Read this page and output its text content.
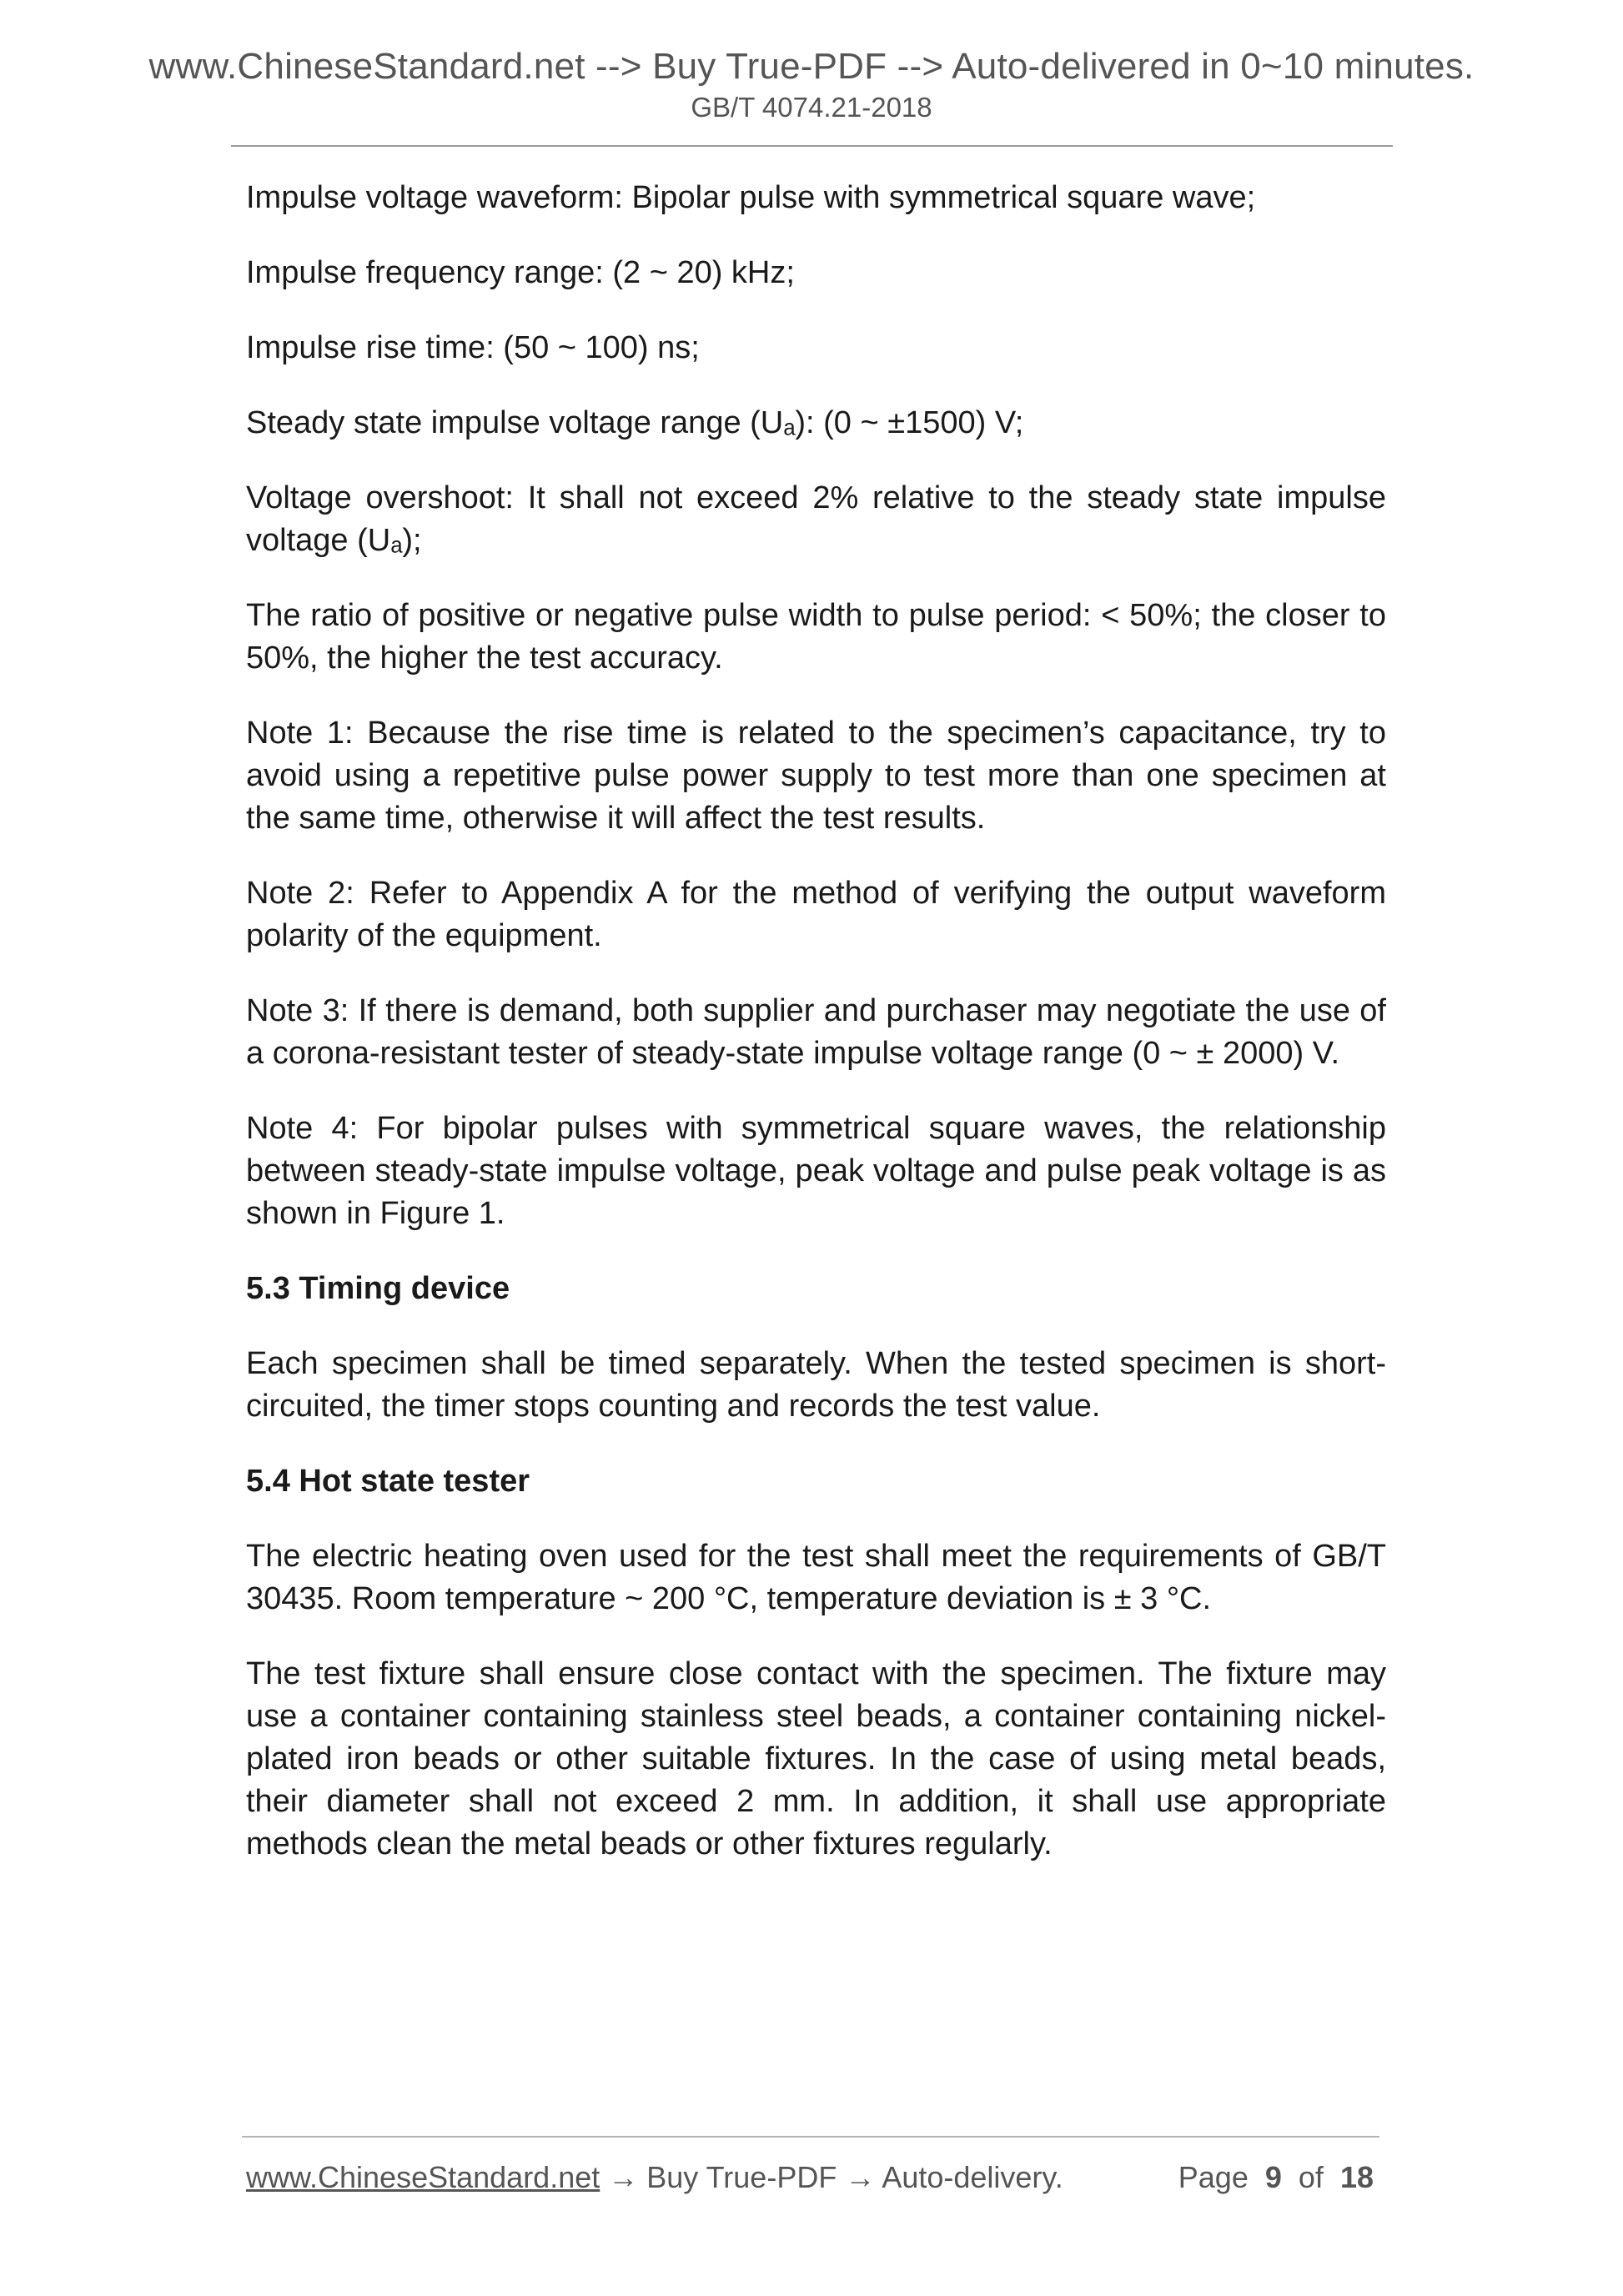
www.ChineseStandard.net --> Buy True-PDF --> Auto-delivered in 0~10 minutes.
GB/T 4074.21-2018

Impulse voltage waveform: Bipolar pulse with symmetrical square wave;

Impulse frequency range: (2 ~ 20) kHz;

Impulse rise time: (50 ~ 100) ns;

Steady state impulse voltage range (Uₐ): (0 ~ ±1500) V;

Voltage overshoot: It shall not exceed 2% relative to the steady state impulse voltage (Uₐ);

The ratio of positive or negative pulse width to pulse period: < 50%; the closer to 50%, the higher the test accuracy.

Note 1: Because the rise time is related to the specimen’s capacitance, try to avoid using a repetitive pulse power supply to test more than one specimen at the same time, otherwise it will affect the test results.

Note 2: Refer to Appendix A for the method of verifying the output waveform polarity of the equipment.

Note 3: If there is demand, both supplier and purchaser may negotiate the use of a corona-resistant tester of steady-state impulse voltage range (0 ~ ± 2000) V.

Note 4: For bipolar pulses with symmetrical square waves, the relationship between steady-state impulse voltage, peak voltage and pulse peak voltage is as shown in Figure 1.

5.3 Timing device

Each specimen shall be timed separately. When the tested specimen is short-circuited, the timer stops counting and records the test value.

5.4 Hot state tester

The electric heating oven used for the test shall meet the requirements of GB/T 30435. Room temperature ~ 200 °C, temperature deviation is ± 3 °C.

The test fixture shall ensure close contact with the specimen. The fixture may use a container containing stainless steel beads, a container containing nickel-plated iron beads or other suitable fixtures. In the case of using metal beads, their diameter shall not exceed 2 mm. In addition, it shall use appropriate methods clean the metal beads or other fixtures regularly.

www.ChineseStandard.net → Buy True-PDF → Auto-delivery.	Page 9 of 18
